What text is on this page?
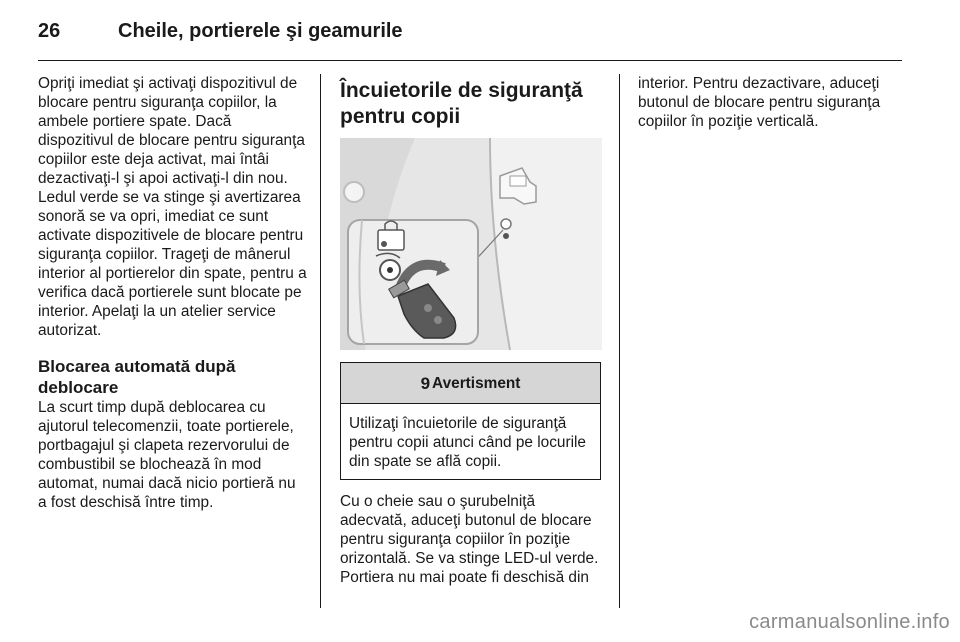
26	Cheile, portierele şi geamurile

Opriţi imediat şi activaţi dispozitivul de blocare pentru siguranţa copiilor, la ambele portiere spate. Dacă dispozitivul de blocare pentru siguranţa copiilor este deja activat, mai întâi dezactivaţi-l şi apoi activaţi-l din nou. Ledul verde se va stinge şi avertizarea sonoră se va opri, imediat ce sunt activate dispozitivele de blocare pentru siguranţa copiilor. Trageţi de mânerul interior al portierelor din spate, pentru a verifica dacă portierele sunt blocate pe interior. Apelaţi la un atelier service autorizat.

Blocarea automată după deblocare

La scurt timp după deblocarea cu ajutorul telecomenzii, toate portierele, portbagajul şi clapeta rezervorului de combustibil se blochează în mod automat, numai dacă nicio portieră nu a fost deschisă între timp.

Încuietorile de siguranţă pentru copii
9 Avertisment
Utilizaţi încuietorile de siguranţă pentru copii atunci când pe locurile din spate se află copii.

Cu o cheie sau o şurubelniţă adecvată, aduceţi butonul de blocare pentru siguranţa copiilor în poziţie orizontală. Se va stinge LED-ul verde. Portiera nu mai poate fi deschisă din

interior. Pentru dezactivare, aduceţi butonul de blocare pentru siguranţa copiilor în poziţie verticală.

carmanualsonline.info
